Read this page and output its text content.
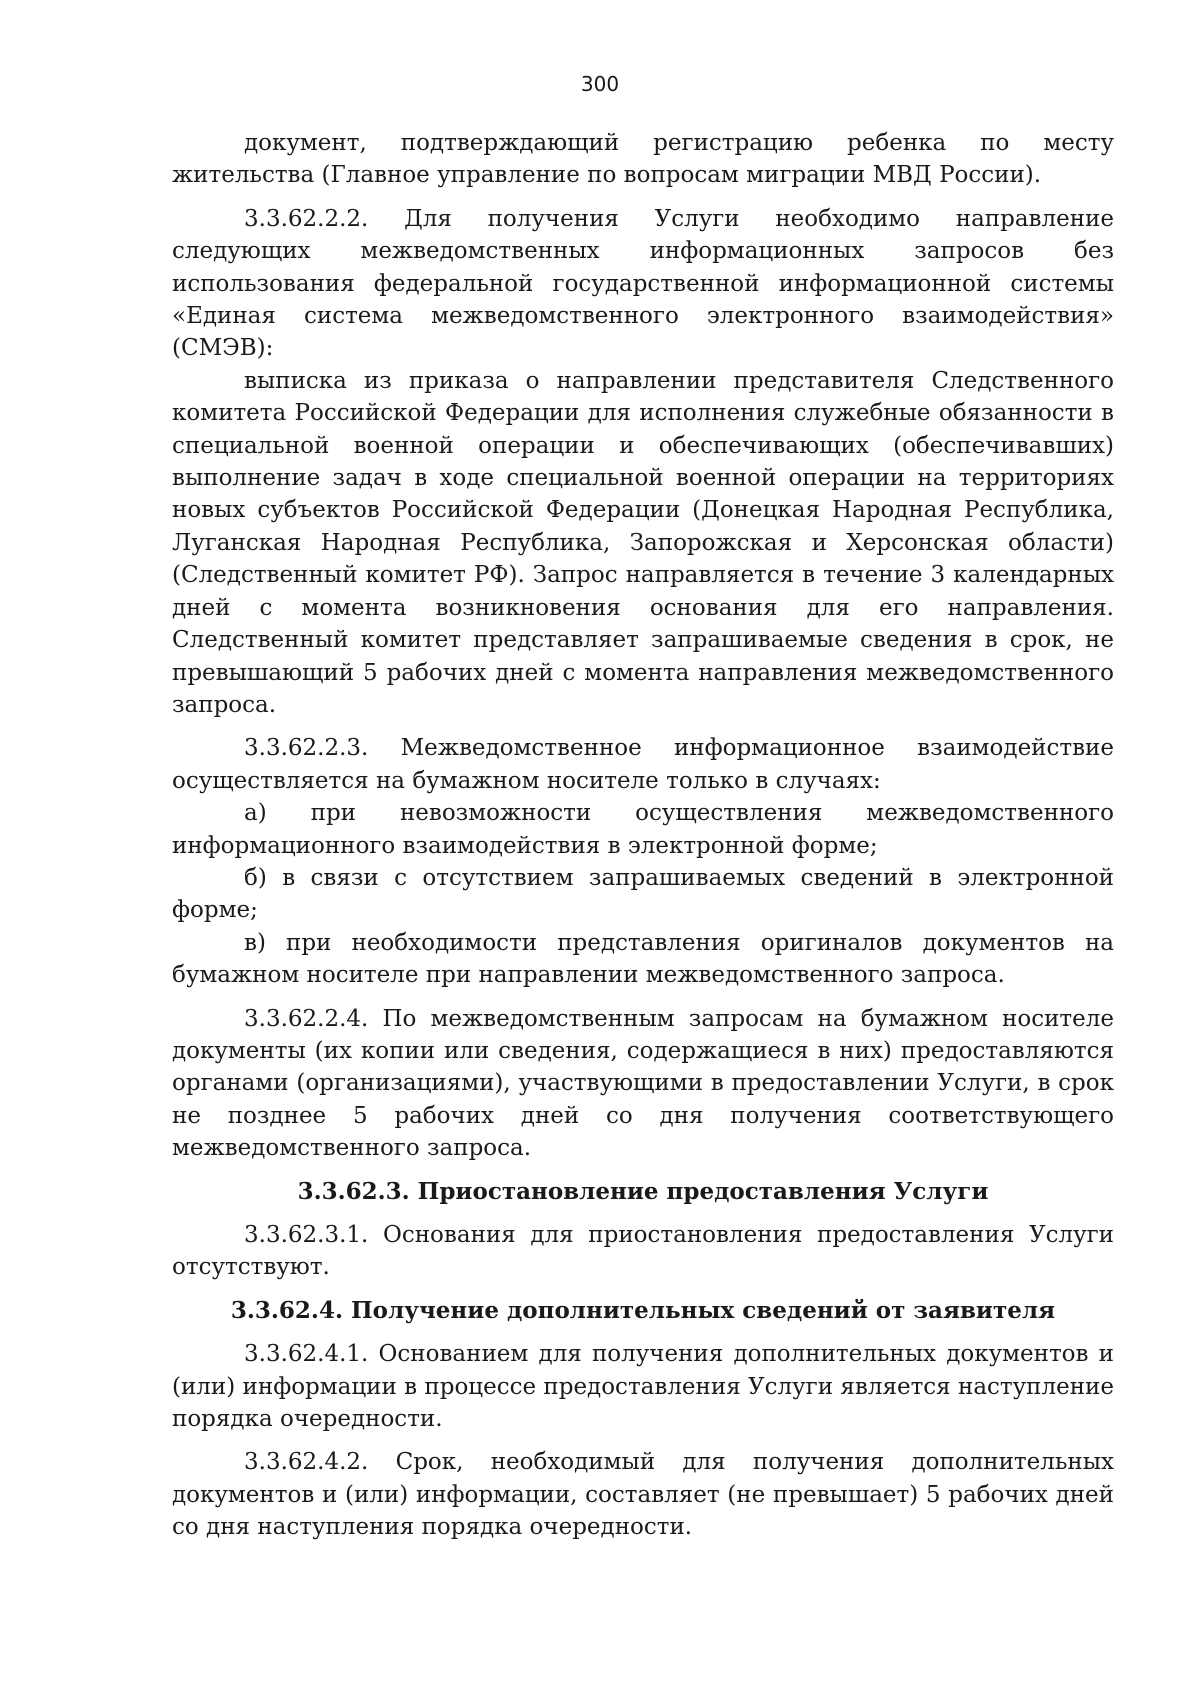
300

документ, подтверждающий регистрацию ребенка по месту жительства (Главное управление по вопросам миграции МВД России).

3.3.62.2.2. Для получения Услуги необходимо направление следующих межведомственных информационных запросов без использования федеральной государственной информационной системы «Единая система межведомственного электронного взаимодействия» (СМЭВ):

выписка из приказа о направлении представителя Следственного комитета Российской Федерации для исполнения служебные обязанности в специальной военной операции и обеспечивающих (обеспечивавших) выполнение задач в ходе специальной военной операции на территориях новых субъектов Российской Федерации (Донецкая Народная Республика, Луганская Народная Республика, Запорожская и Херсонская области) (Следственный комитет РФ). Запрос направляется в течение 3 календарных дней с момента возникновения основания для его направления. Следственный комитет представляет запрашиваемые сведения в срок, не превышающий 5 рабочих дней с момента направления межведомственного запроса.

3.3.62.2.3. Межведомственное информационное взаимодействие осуществляется на бумажном носителе только в случаях:

а) при невозможности осуществления межведомственного информационного взаимодействия в электронной форме;

б) в связи с отсутствием запрашиваемых сведений в электронной форме;

в) при необходимости представления оригиналов документов на бумажном носителе при направлении межведомственного запроса.

3.3.62.2.4. По межведомственным запросам на бумажном носителе документы (их копии или сведения, содержащиеся в них) предоставляются органами (организациями), участвующими в предоставлении Услуги, в срок не позднее 5 рабочих дней со дня получения соответствующего межведомственного запроса.

3.3.62.3. Приостановление предоставления Услуги

3.3.62.3.1. Основания для приостановления предоставления Услуги отсутствуют.

3.3.62.4. Получение дополнительных сведений от заявителя

3.3.62.4.1. Основанием для получения дополнительных документов и (или) информации в процессе предоставления Услуги является наступление порядка очередности.

3.3.62.4.2. Срок, необходимый для получения дополнительных документов и (или) информации, составляет (не превышает) 5 рабочих дней со дня наступления порядка очередности.
